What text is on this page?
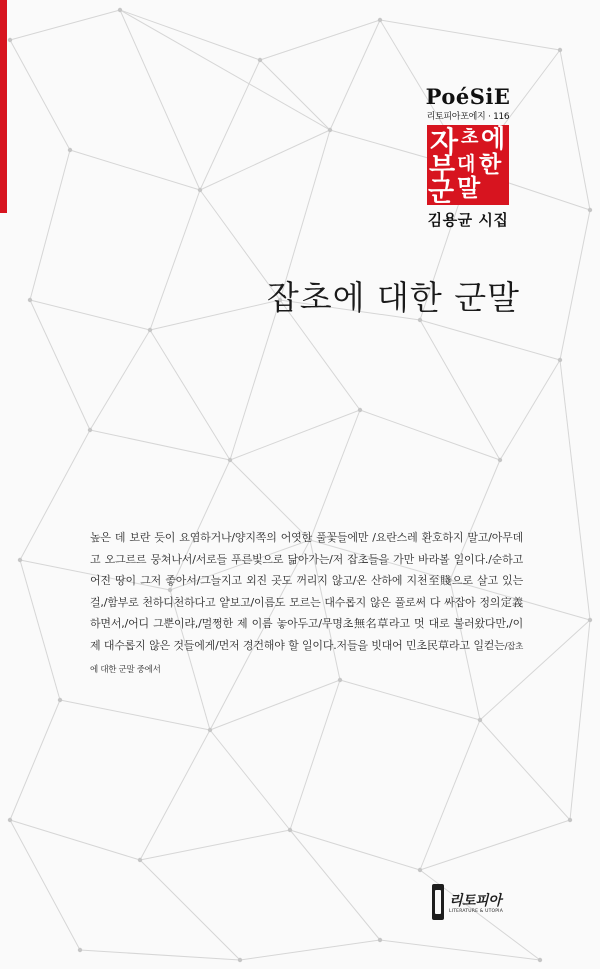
PoéSiE
리토피아포에지 · 116
자 초 에
부 대 한
군 말
김용균 시집
잡초에 대한 군말

높은 데 보란 듯이 요염하거나/양지쪽의 어엿한 풀꽃들에만 /요란스레 환호하지 말고/아무데고 오그르르 뭉쳐나서/서로들 푸른빛으로 닮아가는/저 잡초들을 가만 바라볼 일이다./순하고 어진 땅이 그저 좋아서/그늘지고 외진 곳도 꺼리지 않고/온 산하에 지천至賤으로 살고 있는 걸,/함부로 천하디천하다고 얕보고/이름도 모르는 대수롭지 않은 풀로써 다 싸잡아 정의定義하면서,/어디 그뿐이랴,/멀쩡한 제 이름 놓아두고/무명초無名草라고 멋 대로 불러왔다만,/이제 대수롭지 않은 것들에게/먼저 경건해야 할 일이다.저들을 빗대어 민초民草라고 일컫는/잡초에 대한 군말 중에서

리토피아
LITERATURE & UTOPIA
